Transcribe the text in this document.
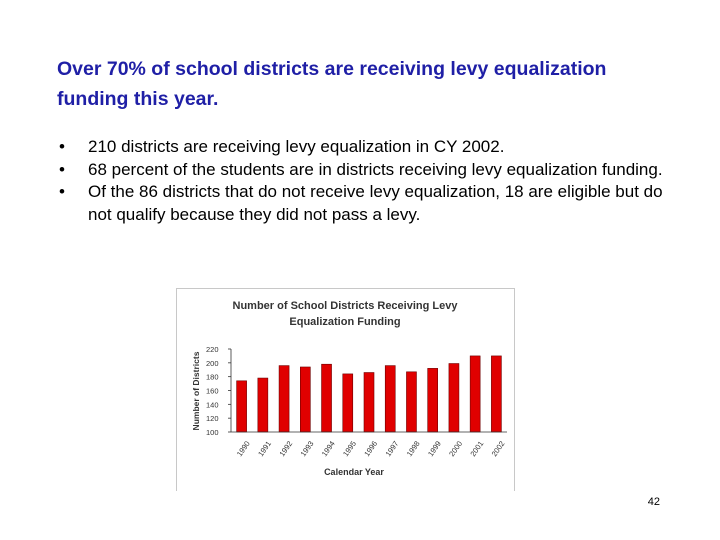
Over 70% of school districts are receiving levy equalization funding this year.
• 210 districts are receiving levy equalization in CY 2002.
• 68 percent of the students are in districts receiving levy equalization funding.
• Of the 86 districts that do not receive levy equalization, 18 are eligible but do not qualify because they did not pass a levy.
Number of School Districts Receiving Levy
Equalization Funding
Number of Districts
Calendar Year
100
120
140
160
180
200
220
1990 1991 1992 1993 1994 1995 1996 1997 1998 1999 2000 2001 2002
42
